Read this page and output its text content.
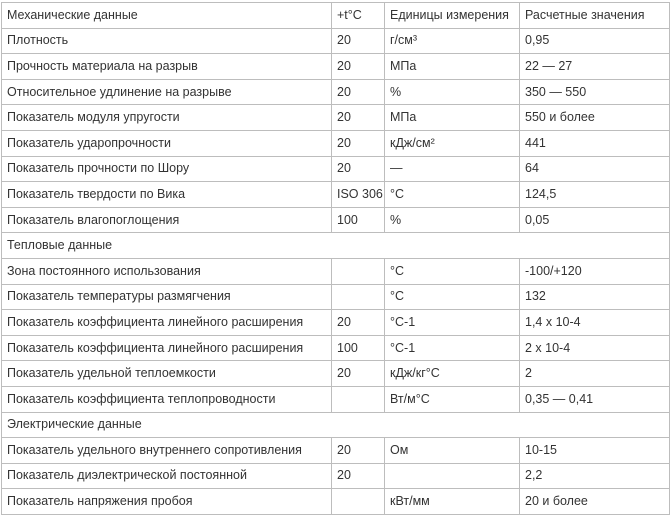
Механические данные	+t°C	Единицы измерения	Расчетные значения
Плотность	20	г/см³	0,95
Прочность материала на разрыв	20	МПа	22 — 27
Относительное удлинение на разрыве	20	%	350 — 550
Показатель модуля упругости	20	МПа	550 и более
Показатель ударопрочности	20	кДж/см²	441
Показатель прочности по Шору	20	—	64
Показатель твердости по Вика	ISO 306	°C	124,5
Показатель влагопоглощения	100	%	0,05
Тепловые данные			
Зона постоянного использования		°C	-100/+120
Показатель температуры размягчения		°C	132
Показатель коэффициента линейного расширения	20	°C-1	1,4 х 10-4
Показатель коэффициента линейного расширения	100	°C-1	2 х 10-4
Показатель удельной теплоемкости	20	кДж/кг°C	2
Показатель коэффициента теплопроводности		Вт/м°C	0,35 — 0,41
Электрические данные			
Показатель удельного внутреннего сопротивления	20	Ом	10-15
Показатель диэлектрической постоянной	20		2,2
Показатель напряжения пробоя		кВт/мм	20 и более
